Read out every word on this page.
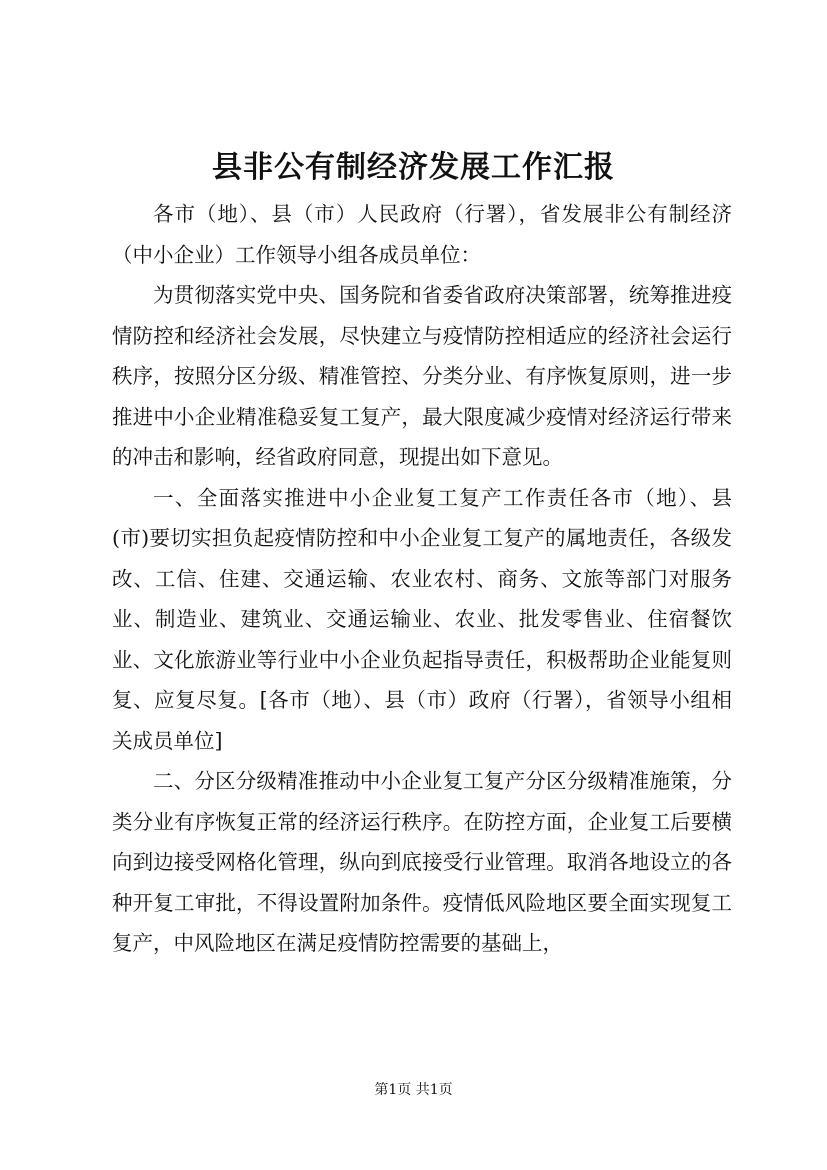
县非公有制经济发展工作汇报

各市（地）、县（市）人民政府（行署），省发展非公有制经济（中小企业）工作领导小组各成员单位：

为贯彻落实党中央、国务院和省委省政府决策部署，统筹推进疫情防控和经济社会发展，尽快建立与疫情防控相适应的经济社会运行秩序，按照分区分级、精准管控、分类分业、有序恢复原则，进一步推进中小企业精准稳妥复工复产，最大限度减少疫情对经济运行带来的冲击和影响，经省政府同意，现提出如下意见。

一、全面落实推进中小企业复工复产工作责任各市（地）、县(市)要切实担负起疫情防控和中小企业复工复产的属地责任，各级发改、工信、住建、交通运输、农业农村、商务、文旅等部门对服务业、制造业、建筑业、交通运输业、农业、批发零售业、住宿餐饮业、文化旅游业等行业中小企业负起指导责任，积极帮助企业能复则复、应复尽复。[各市（地）、县（市）政府（行署），省领导小组相关成员单位]

二、分区分级精准推动中小企业复工复产分区分级精准施策，分类分业有序恢复正常的经济运行秩序。在防控方面，企业复工后要横向到边接受网格化管理，纵向到底接受行业管理。取消各地设立的各种开复工审批，不得设置附加条件。疫情低风险地区要全面实现复工复产，中风险地区在满足疫情防控需要的基础上，

第1页 共1页
